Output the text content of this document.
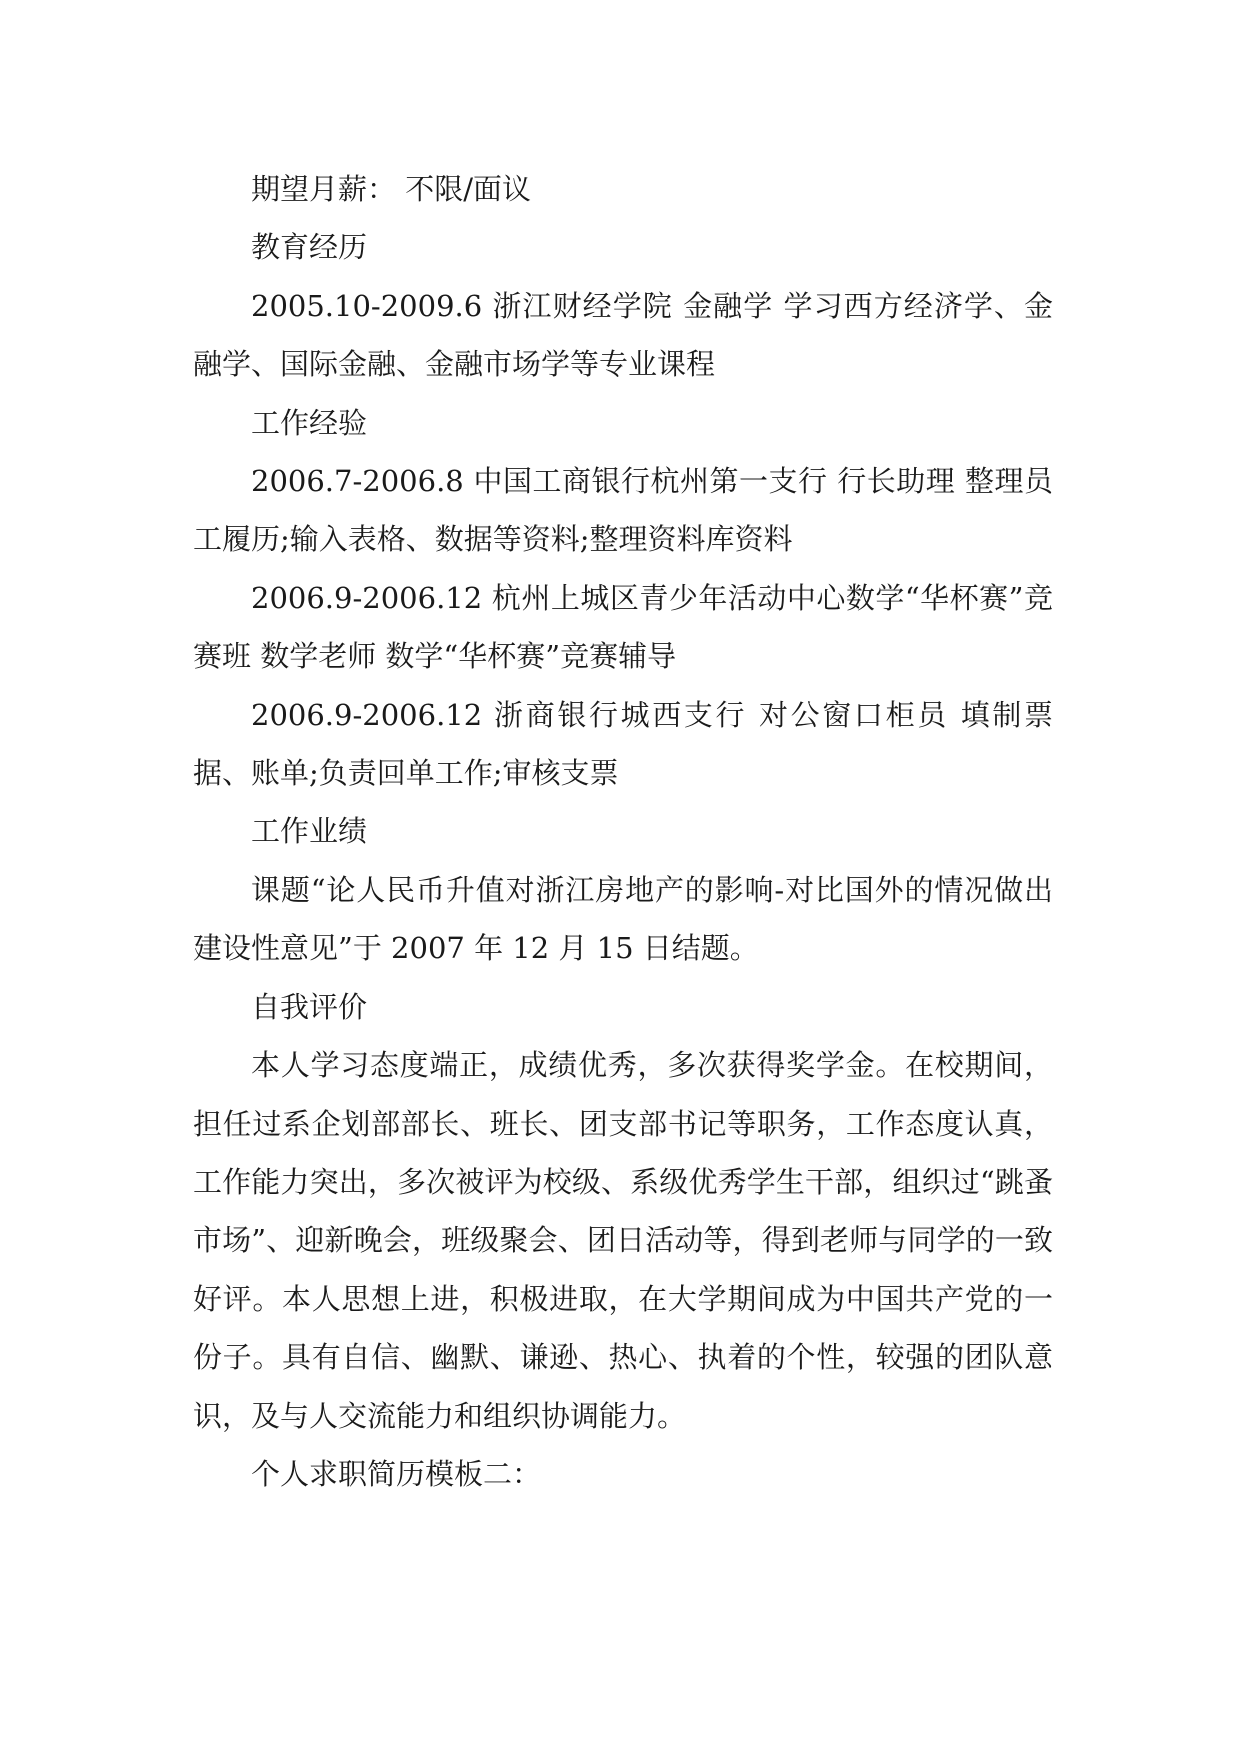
期望月薪： 不限/面议

教育经历

2005.10-2009.6 浙江财经学院 金融学 学习西方经济学、金融学、国际金融、金融市场学等专业课程

工作经验

2006.7-2006.8 中国工商银行杭州第一支行 行长助理 整理员工履历;输入表格、数据等资料;整理资料库资料

2006.9-2006.12 杭州上城区青少年活动中心数学“华杯赛”竞赛班 数学老师 数学“华杯赛”竞赛辅导

2006.9-2006.12 浙商银行城西支行 对公窗口柜员 填制票据、账单;负责回单工作;审核支票

工作业绩

课题“论人民币升值对浙江房地产的影响-对比国外的情况做出建设性意见”于 2007 年 12 月 15 日结题。

自我评价

本人学习态度端正，成绩优秀，多次获得奖学金。在校期间，担任过系企划部部长、班长、团支部书记等职务，工作态度认真，工作能力突出，多次被评为校级、系级优秀学生干部，组织过“跳蚤市场”、迎新晚会，班级聚会、团日活动等，得到老师与同学的一致好评。本人思想上进，积极进取，在大学期间成为中国共产党的一份子。具有自信、幽默、谦逊、热心、执着的个性，较强的团队意识，及与人交流能力和组织协调能力。

个人求职简历模板二：
